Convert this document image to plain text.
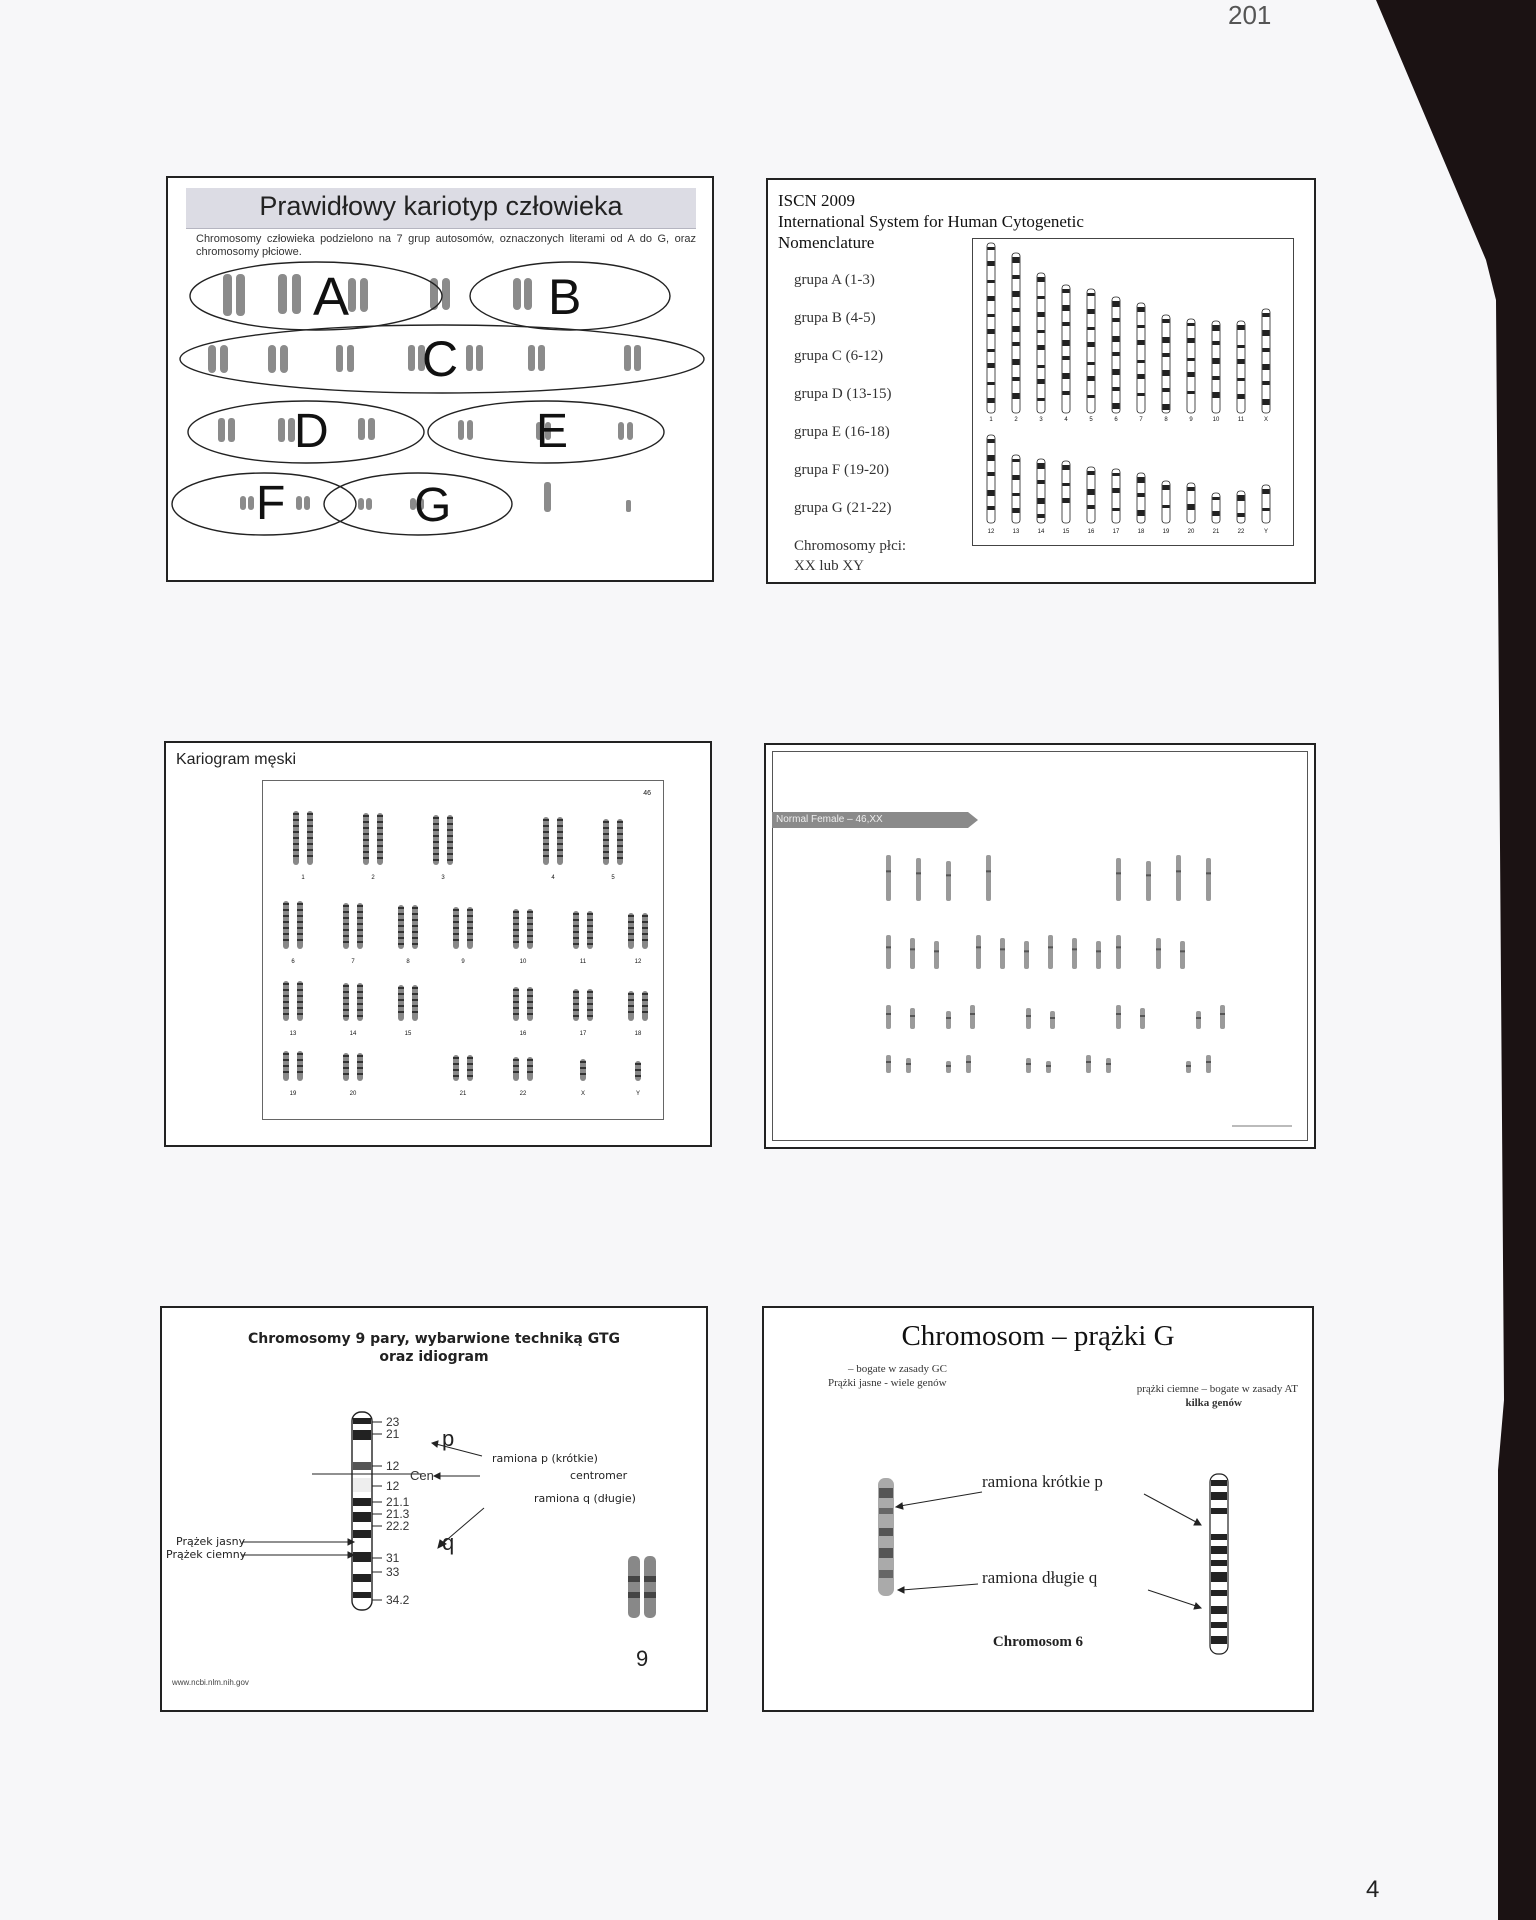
201
4
Prawidłowy kariotyp człowieka
Chromosomy człowieka podzielono na 7 grup autosomów, oznaczonych literami od A do G, oraz chromosomy płciowe.
A	B
C
D	E
F	G
ISCN 2009
International System for Human Cytogenetic
Nomenclature
grupa A (1-3)
grupa B (4-5)
grupa C (6-12)
grupa D (13-15)
grupa E (16-18)
grupa F (19-20)
grupa G (21-22)
Chromosomy płci:
XX lub XY
1	2	3	4	5	6	7	8	9	10	11	X
12	13	14	15	16	17	18	19	20	21	22	Y
Kariogram męski
46
1	2	3	4	5
6	7	8	9	10	11	12
13	14	15	16	17	18
19	20	21	22	X	Y
Normal Female – 46,XX
Chromosomy 9 pary, wybarwione techniką GTG
oraz idiogram
23
21
12
12
21.1
21.3
22.2
31
33
34.2
p
q
Cen
ramiona p (krótkie)
centromer
ramiona q (długie)
Prążek jasny
Prążek ciemny
9
www.ncbi.nlm.nih.gov
Chromosom – prążki G
– bogate w zasady GC
Prążki jasne - wiele genów	prążki ciemne – bogate w zasady AT
kilka genów
ramiona krótkie p
ramiona długie q
Chromosom 6
